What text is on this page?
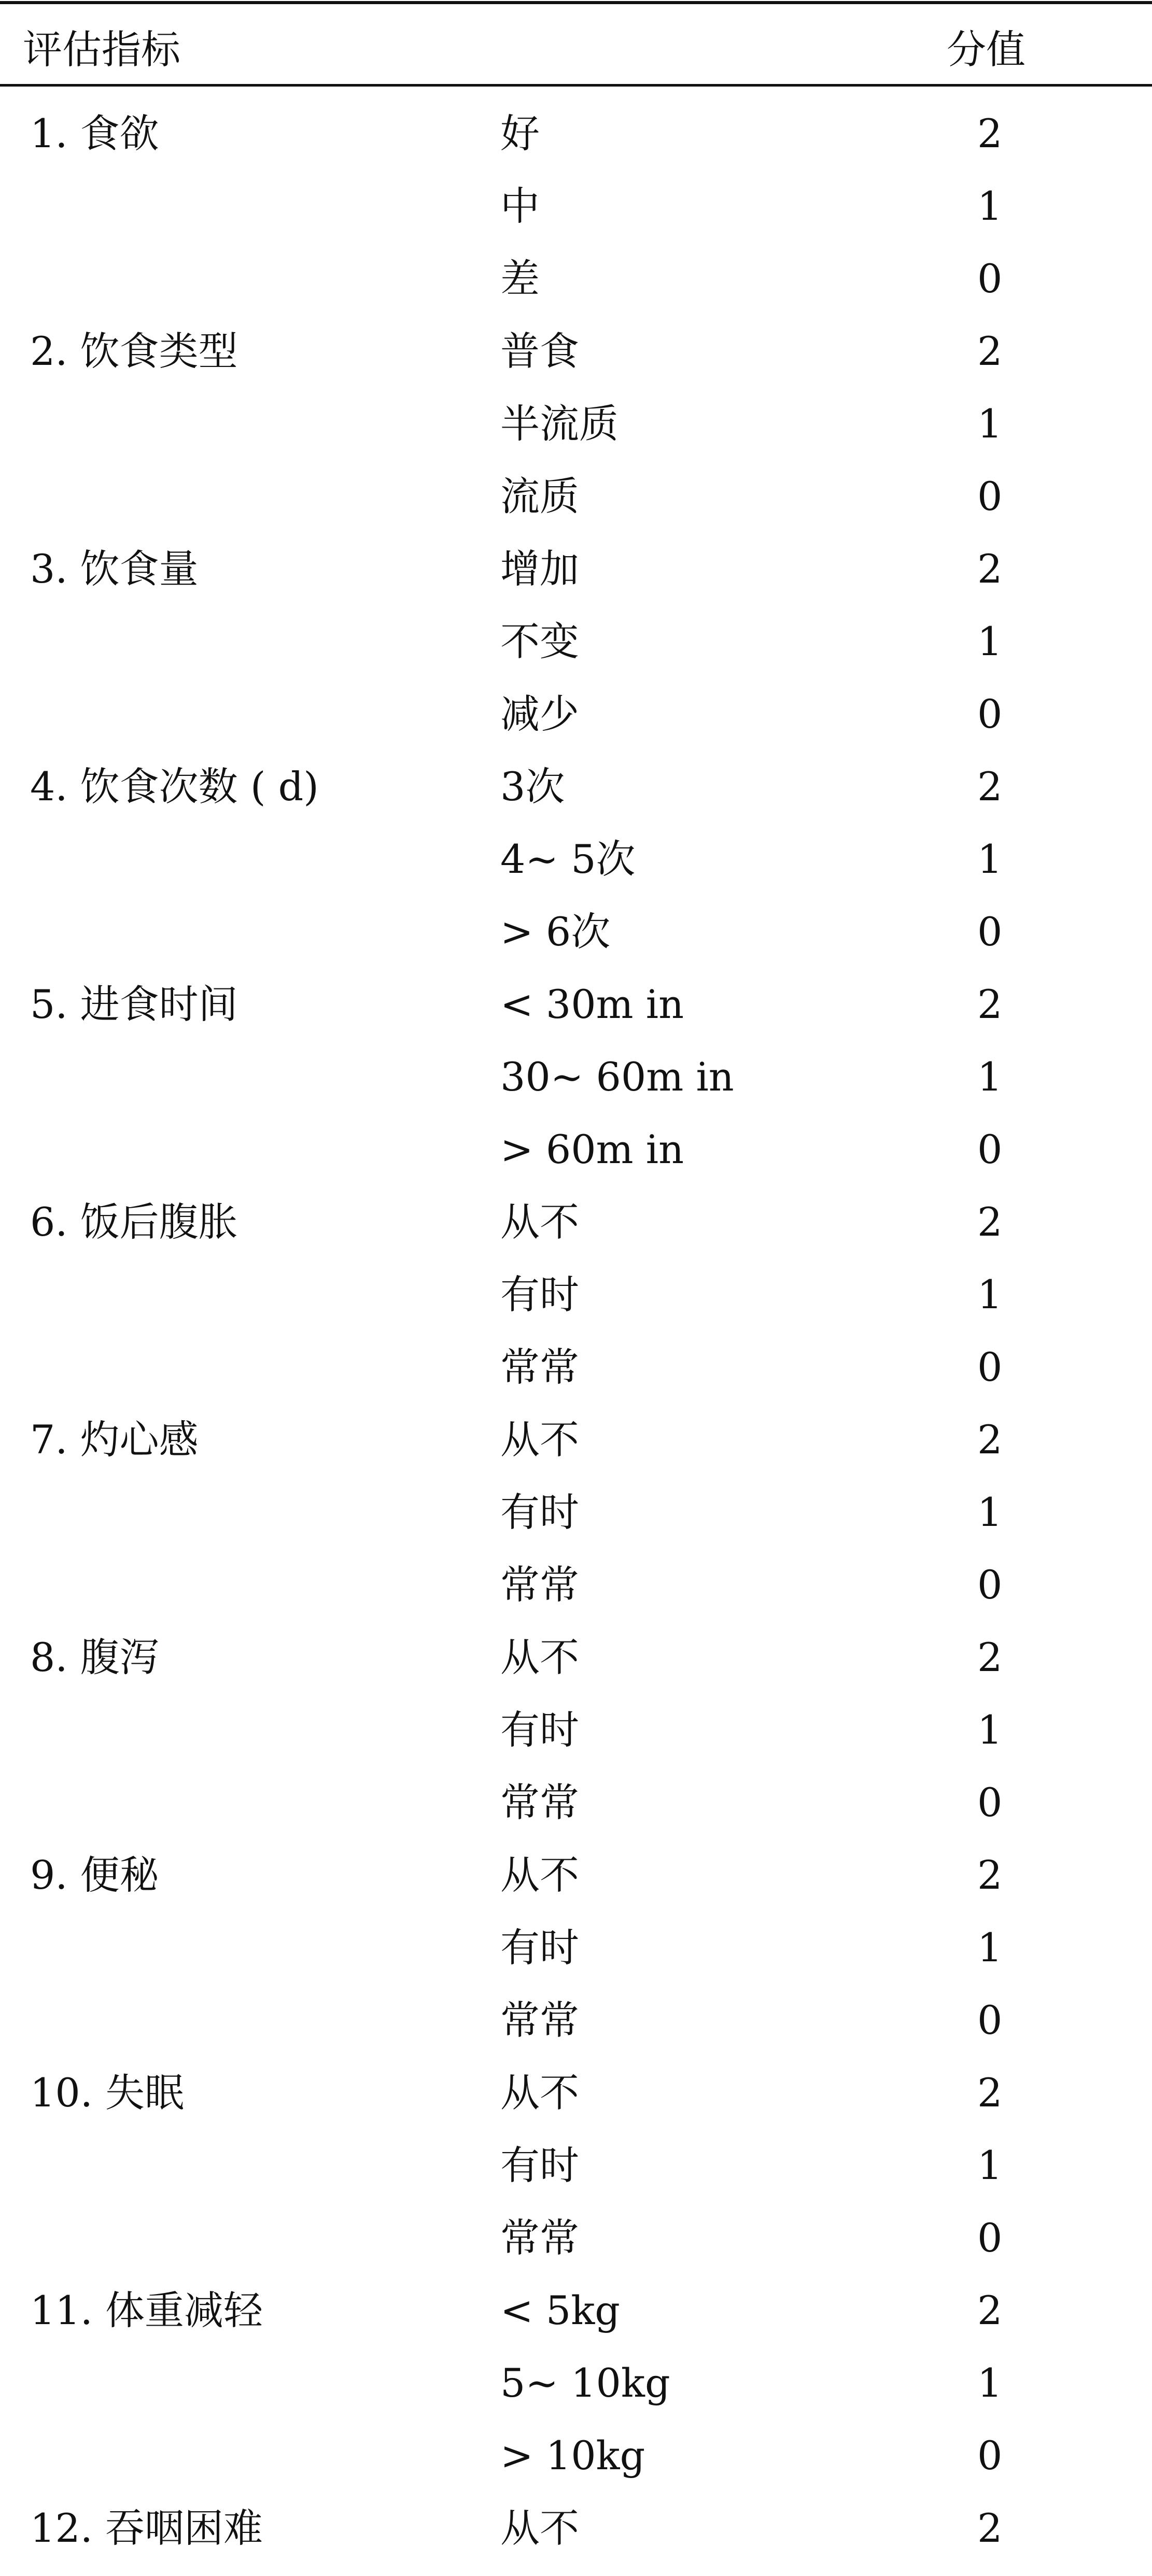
评估指标	分值
1. 食欲	好	2
中	1
差	0
2. 饮食类型	普食	2
半流质	1
流质	0
3. 饮食量	增加	2
不变	1
减少	0
4. 饮食次数 ( d)	3次	2
4~ 5次	1
> 6次	0
5. 进食时间	< 30m in	2
30~ 60m in	1
> 60m in	0
6. 饭后腹胀	从不	2
有时	1
常常	0
7. 灼心感	从不	2
有时	1
常常	0
8. 腹泻	从不	2
有时	1
常常	0
9. 便秘	从不	2
有时	1
常常	0
10. 失眠	从不	2
有时	1
常常	0
11. 体重减轻	< 5kg	2
5~ 10kg	1
> 10kg	0
12. 吞咽困难	从不	2
